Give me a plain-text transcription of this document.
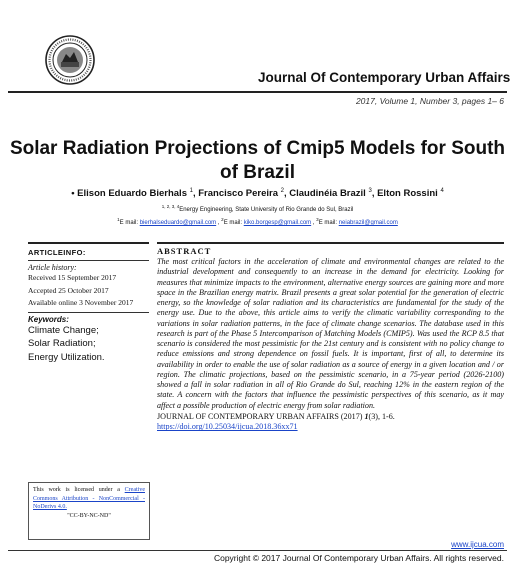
Journal Of Contemporary Urban Affairs
2017, Volume 1, Number 3, pages 1– 6
Solar Radiation Projections of Cmip5 Models for South of Brazil
• Elison Eduardo Bierhals $^1$, Francisco Pereira $^2$, Claudinéia Brazil $^3$, Elton Rossini $^4$
$^{1, 2, 3, 4}$Energy Engineering, State University of Rio Grande do Sul, Brazil
$^1$E mail: bierhalseduardo@gmail.com , $^2$E mail: kiko.borgesp@gmail.com , $^3$E mail: neiabrazil@gmail.com
ARTICLEINFO:
Article history:
Received 15 September 2017
Accepted 25 October 2017
Available online 3 November 2017
Keywords:
Climate Change;
Solar Radiation;
Energy Utilization.
This work is licensed under a Creative Commons Attribution - NonCommercial - NoDerivs 4.0.
"CC-BY-NC-ND"
ABSTRACT
The most critical factors in the acceleration of climate and environmental changes are related to the industrial development and consequently to an increase in the demand for electricity. Looking for measures that minimize impacts to the environment, alternative energy sources are gaining more and more space in the Brazilian energy matrix. Brazil presents a great solar potential for the generation of electric energy, so the knowledge of solar radiation and its characteristics are fundamental for the study of the energy use. Due to the above, this article aims to verify the climatic variability corresponding to the variations in solar radiation patterns, in the face of climate change scenarios. The database used in this research is part of the Phase 5 Intercomparison of Matching Models (CMIP5). Was used the RCP 8.5 that scenario is considered the most pessimistic for the 21st century and is consistent with no policy change to reduce emissions and strong dependence on fossil fuels. It is important, first of all, to determine its availability in order to enable the use of solar radiation as a source of energy in a given location and / or region. The climatic projections, based on the pessimistic scenario, in a 75-year period (2026-2100) showed a fall in solar radiation in all of Rio Grande do Sul, reaching 12% in the eastern region of the state. A concern with the factors that influence the pessimistic perspectives of this scenario, as it may affect a possible production of electric energy from solar radiation.
JOURNAL OF CONTEMPORARY URBAN AFFAIRS (2017) 1(3), 1-6.
https://doi.org/10.25034/ijcua.2018.36xx71
www.ijcua.com
Copyright © 2017 Journal Of Contemporary Urban Affairs. All rights reserved.
